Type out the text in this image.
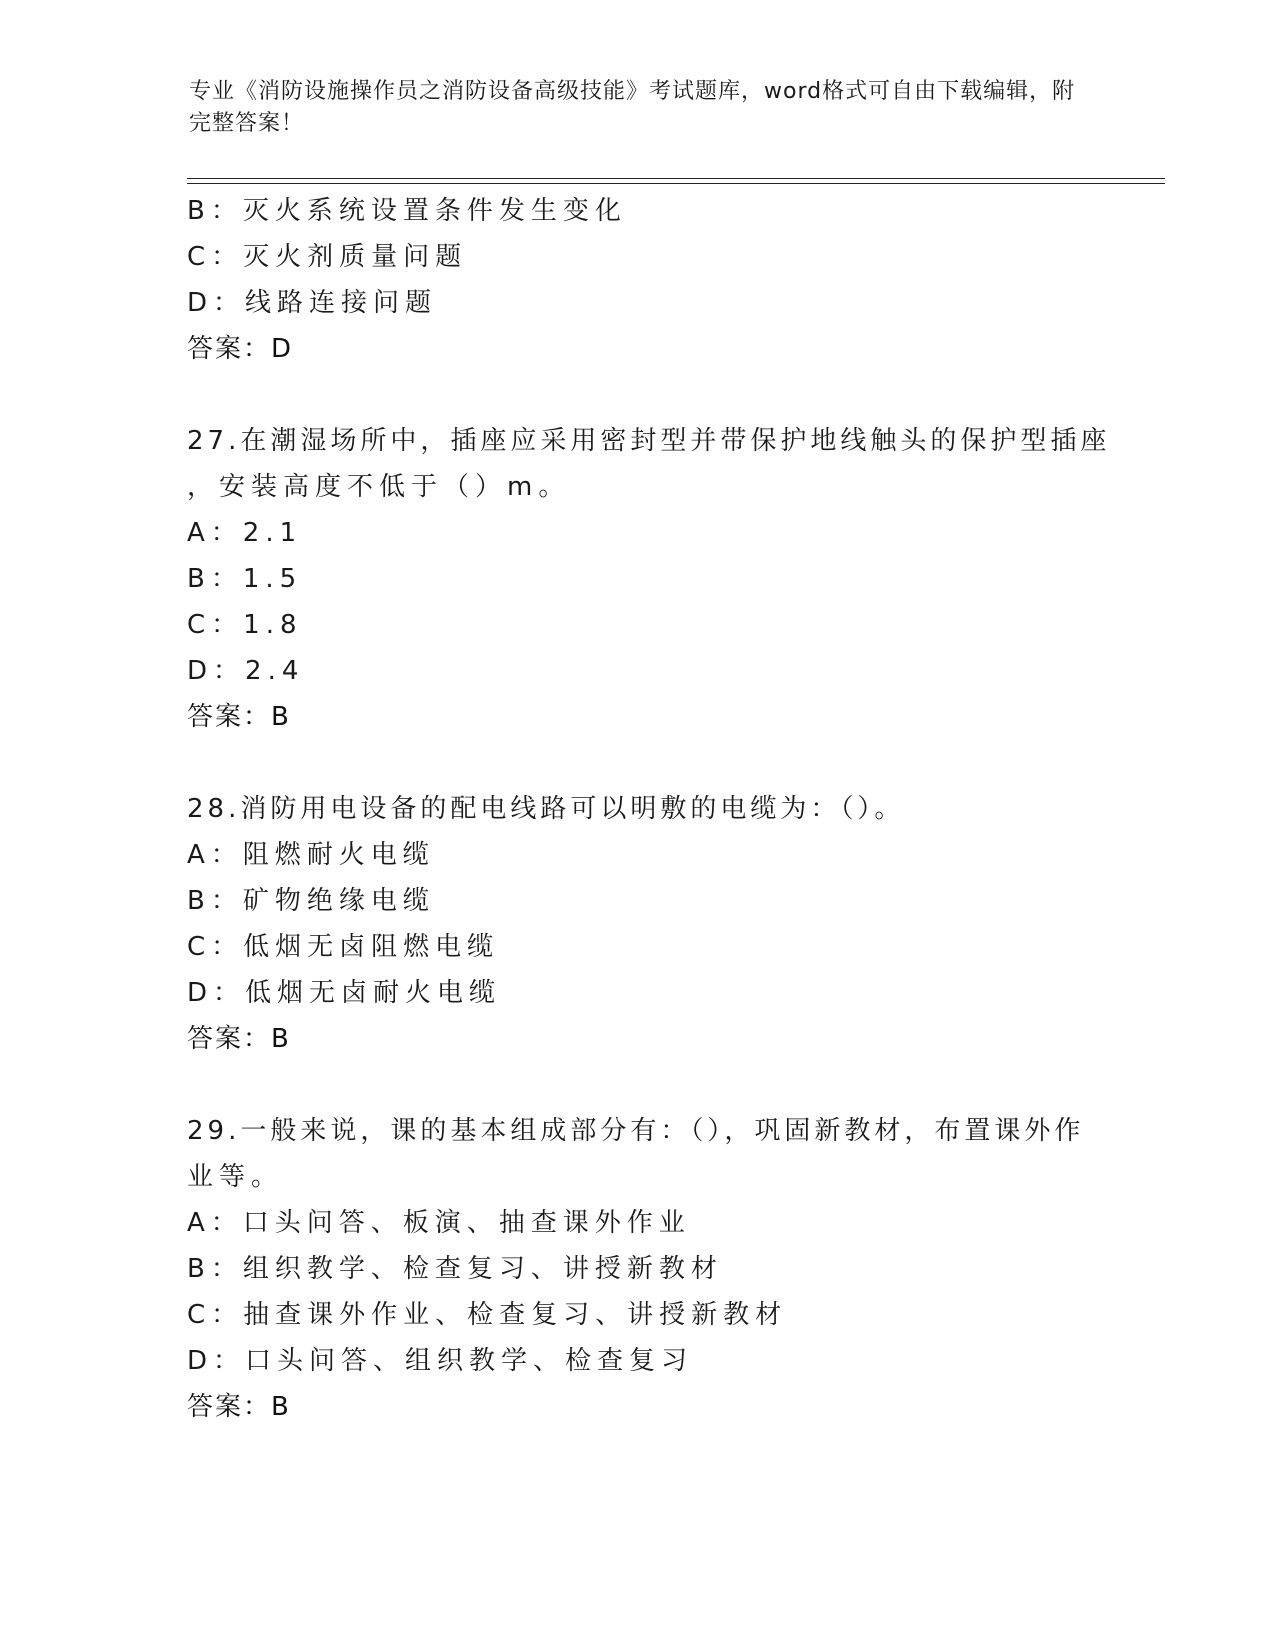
专业《消防设施操作员之消防设备高级技能》考试题库，word格式可自由下载编辑，附完整答案！
B：灭火系统设置条件发生变化
C：灭火剂质量问题
D：线路连接问题
答案：D
27.在潮湿场所中，插座应采用密封型并带保护地线触头的保护型插座
，安装高度不低于（）m。
A：2.1
B：1.5
C：1.8
D：2.4
答案：B
28.消防用电设备的配电线路可以明敷的电缆为：（）。
A：阻燃耐火电缆
B：矿物绝缘电缆
C：低烟无卤阻燃电缆
D：低烟无卤耐火电缆
答案：B
29.一般来说，课的基本组成部分有：（），巩固新教材，布置课外作
业等。
A：口头问答、板演、抽查课外作业
B：组织教学、检查复习、讲授新教材
C：抽查课外作业、检查复习、讲授新教材
D：口头问答、组织教学、检查复习
答案：B
